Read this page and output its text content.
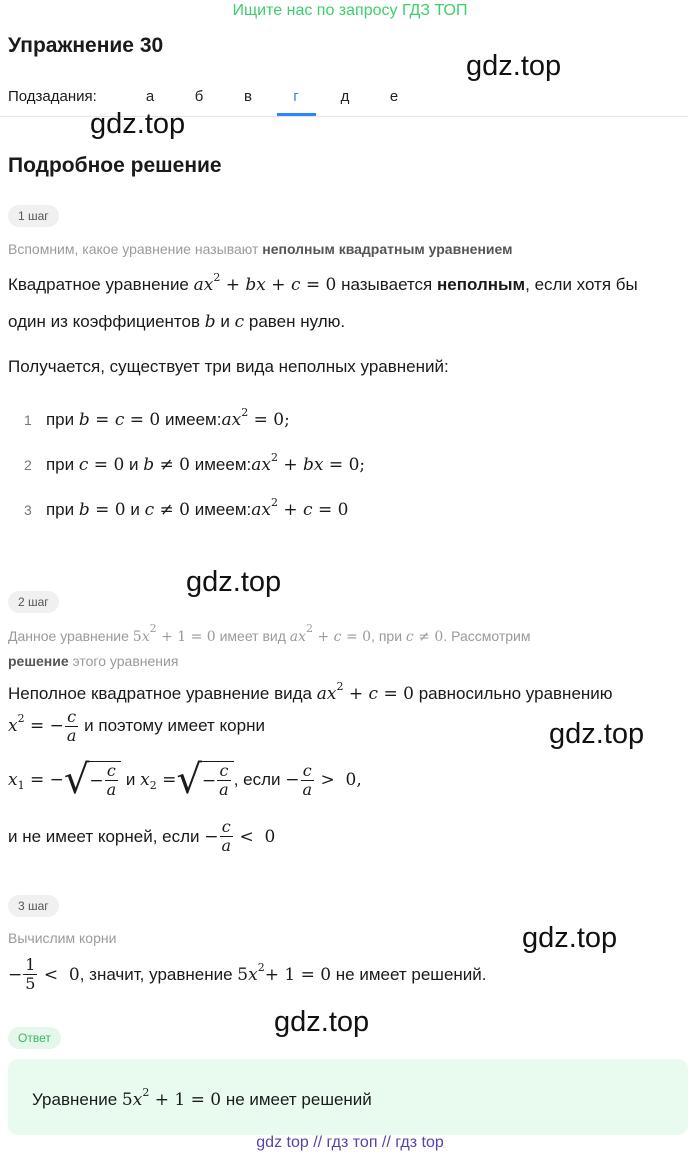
Ищите нас по запросу ГДЗ ТОП
Упражнение 30
gdz.top
Подзадания:	а	б	в	г	д	е
gdz.top
Подробное решение
1 шаг
Вспомним, какое уравнение называют неполным квадратным уравнением
Квадратное уравнение $ax^2$ + bx + c = 0 называется неполным, если хотя бы
один из коэффициентов b и c равен нулю.
Получается, существует три вида неполных уравнений:
1 при b = c = 0 $имеем:ax^2 = 0$;
2 при c = 0 и b ≠ 0 $имеем:ax^2$ + bx = 0;
3 при b = 0 и c ≠ 0 $имеем:ax^2 + c = 0$
gdz.top
2 шаг
Данное уравнение $5x^2 + 1 = 0$ имеет вид $ax^2 + c = 0$, при c ≠ 0. Рассмотрим
решение этого уравнения
Неполное квадратное уравнение вида $ax^2 + c = 0$ равносильно уравнению
$x^2$ = − $\frac{c}{a}$ и поэтому имеет корни	gdz.top
$x_1$ = − √ − $\frac{c}{a}$
и
$x_2$ = √ − $\frac{c}{a}$ , если
− $\frac{c}{a} > 0$,
и не имеет корней, если
− $\frac{c}{a} < 0$
3 шаг
Вычислим корни	gdz.top
− $\frac{1}{5} < 0$ , значит, уравнение
5 $x^2 + 1 = 0$
не имеет решений.
gdz.top
Ответ
Уравнение $5x^2 + 1 = 0$ не имеет решений
gdz top // гдз топ // гдз top
